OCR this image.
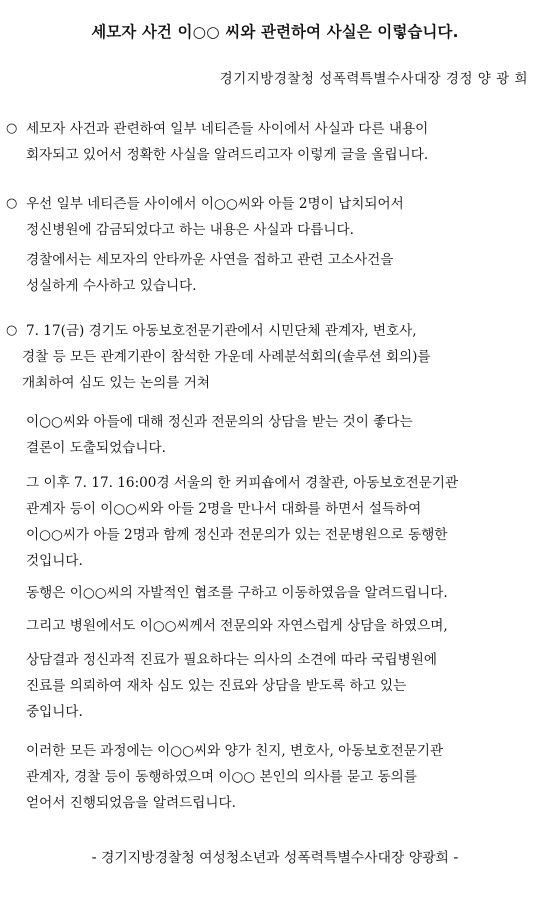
세모자 사건 이○○ 씨와 관련하여 사실은 이렇습니다.
경기지방경찰청 성폭력특별수사대장 경정 양 광 희
○ 세모자 사건과 관련하여 일부 네티즌들 사이에서 사실과 다른 내용이
회자되고 있어서 정확한 사실을 알려드리고자 이렇게 글을 올립니다.
○ 우선 일부 네티즌들 사이에서 이○○씨와 아들 2명이 납치되어서
정신병원에 감금되었다고 하는 내용은 사실과 다릅니다.
경찰에서는 세모자의 안타까운 사연을 접하고 관련 고소사건을
성실하게 수사하고 있습니다.
○ 7. 17(금) 경기도 아동보호전문기관에서 시민단체 관계자, 변호사,
경찰 등 모든 관계기관이 참석한 가운데 사례분석회의(솔루션 회의)를
개최하여 심도 있는 논의를 거쳐
이○○씨와 아들에 대해 정신과 전문의의 상담을 받는 것이 좋다는
결론이 도출되었습니다.
그 이후 7. 17. 16:00경 서울의 한 커피숍에서 경찰관, 아동보호전문기관
관계자 등이 이○○씨와 아들 2명을 만나서 대화를 하면서 설득하여
이○○씨가 아들 2명과 함께 정신과 전문의가 있는 전문병원으로 동행한
것입니다.
동행은 이○○씨의 자발적인 협조를 구하고 이동하였음을 알려드립니다.
그리고 병원에서도 이○○씨께서 전문의와 자연스럽게 상담을 하였으며,
상담결과 정신과적 진료가 필요하다는 의사의 소견에 따라 국립병원에
진료를 의뢰하여 재차 심도 있는 진료와 상담을 받도록 하고 있는
중입니다.
이러한 모든 과정에는 이○○씨와 양가 친지, 변호사, 아동보호전문기관
관계자, 경찰 등이 동행하였으며 이○○ 본인의 의사를 묻고 동의를
얻어서 진행되었음을 알려드립니다.
- 경기지방경찰청 여성청소년과 성폭력특별수사대장 양광희 -
